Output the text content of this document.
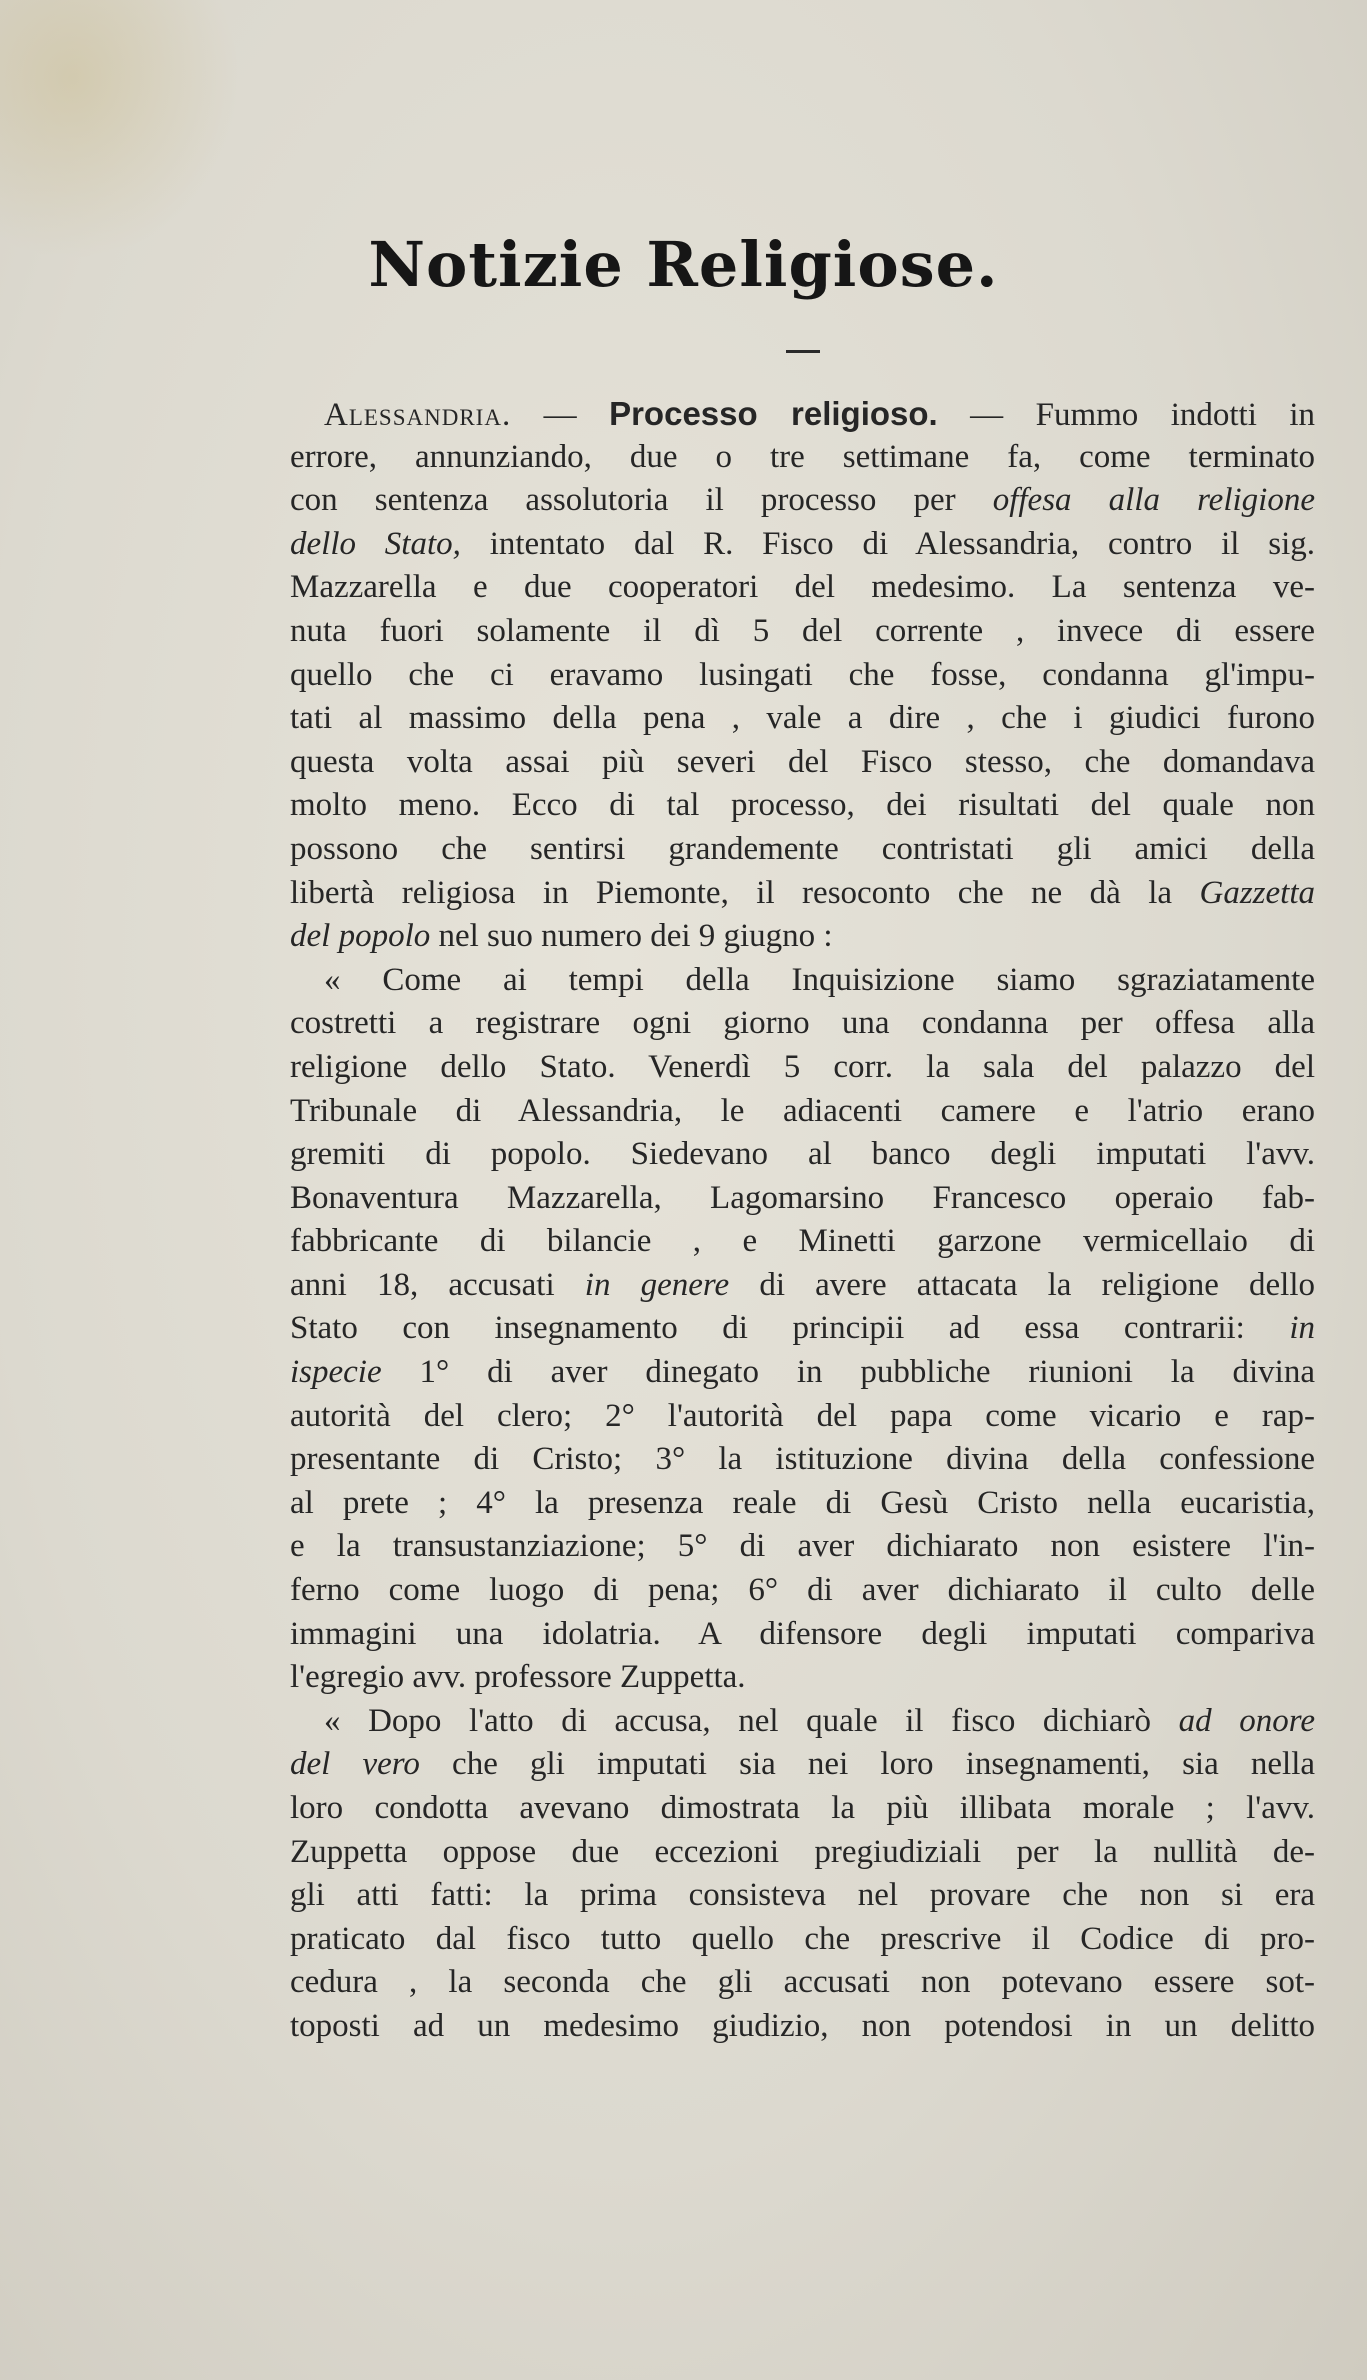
Notizie Religiose.
Alessandria. — Processo religioso. — Fummo indotti in
errore, annunziando, due o tre settimane fa, come terminato
con sentenza assolutoria il processo per offesa alla religione
dello Stato, intentato dal R. Fisco di Alessandria, contro il sig.
Mazzarella e due cooperatori del medesimo. La sentenza ve-
nuta fuori solamente il dì 5 del corrente , invece di essere
quello che ci eravamo lusingati che fosse, condanna gl'impu-
tati al massimo della pena , vale a dire , che i giudici furono
questa volta assai più severi del Fisco stesso, che domandava
molto meno. Ecco di tal processo, dei risultati del quale non
possono che sentirsi grandemente contristati gli amici della
libertà religiosa in Piemonte, il resoconto che ne dà la Gazzetta
del popolo nel suo numero dei 9 giugno :
« Come ai tempi della Inquisizione siamo sgraziatamente
costretti a registrare ogni giorno una condanna per offesa alla
religione dello Stato. Venerdì 5 corr. la sala del palazzo del
Tribunale di Alessandria, le adiacenti camere e l'atrio erano
gremiti di popolo. Siedevano al banco degli imputati l'avv.
Bonaventura Mazzarella, Lagomarsino Francesco operaio fab-
fabbricante di bilancie , e Minetti garzone vermicellaio di
anni 18, accusati in genere di avere attacata la religione dello
Stato con insegnamento di principii ad essa contrarii: in
ispecie 1° di aver dinegato in pubbliche riunioni la divina
autorità del clero; 2° l'autorità del papa come vicario e rap-
presentante di Cristo; 3° la istituzione divina della confessione
al prete ; 4° la presenza reale di Gesù Cristo nella eucaristia,
e la transustanziazione; 5° di aver dichiarato non esistere l'in-
ferno come luogo di pena; 6° di aver dichiarato il culto delle
immagini una idolatria. A difensore degli imputati compariva
l'egregio avv. professore Zuppetta.
« Dopo l'atto di accusa, nel quale il fisco dichiarò ad onore
del vero che gli imputati sia nei loro insegnamenti, sia nella
loro condotta avevano dimostrata la più illibata morale ; l'avv.
Zuppetta oppose due eccezioni pregiudiziali per la nullità de-
gli atti fatti: la prima consisteva nel provare che non si era
praticato dal fisco tutto quello che prescrive il Codice di pro-
cedura , la seconda che gli accusati non potevano essere sot-
toposti ad un medesimo giudizio, non potendosi in un delitto
